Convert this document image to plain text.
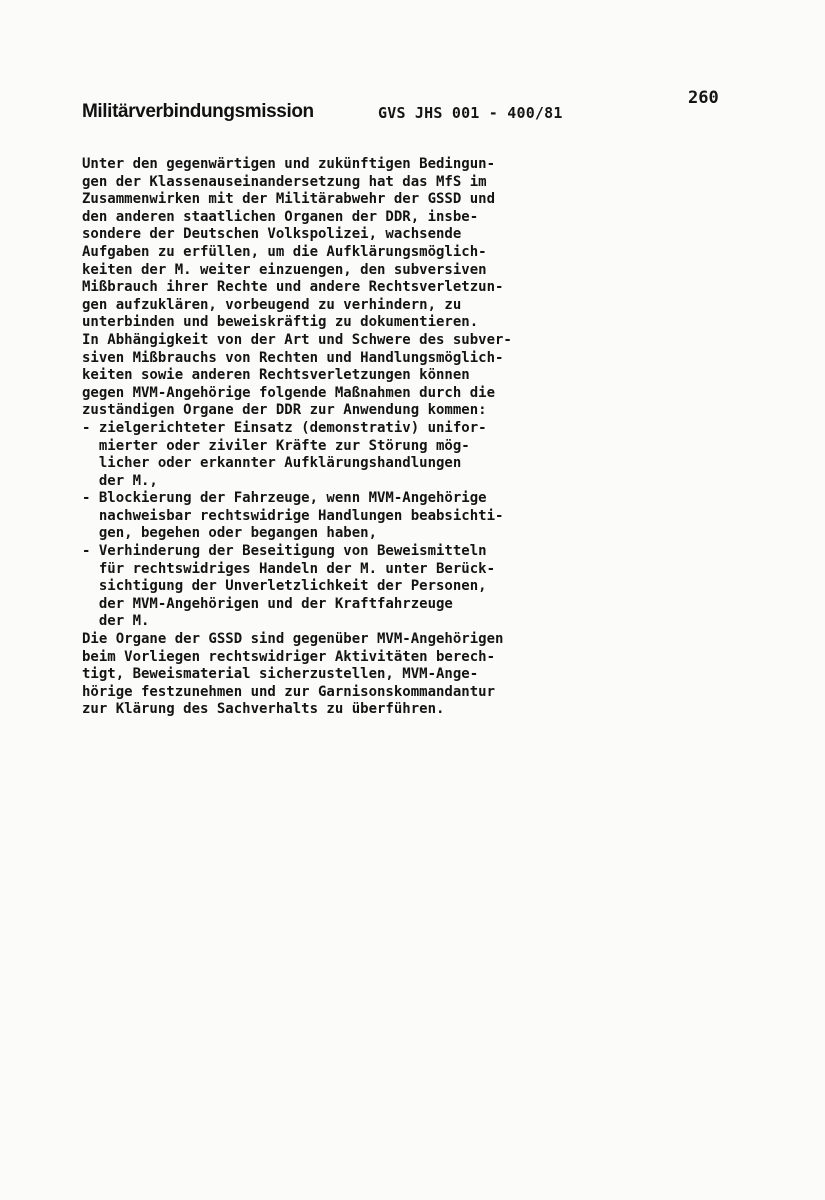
Militärverbindungsmission	GVS JHS 001 - 400/81
260
Unter den gegenwärtigen und zukünftigen Bedingun-
gen der Klassenauseinandersetzung hat das MfS im
Zusammenwirken mit der Militärabwehr der GSSD und
den anderen staatlichen Organen der DDR, insbe-
sondere der Deutschen Volkspolizei, wachsende
Aufgaben zu erfüllen, um die Aufklärungsmöglich-
keiten der M. weiter einzuengen, den subversiven
Mißbrauch ihrer Rechte und andere Rechtsverletzun-
gen aufzuklären, vorbeugend zu verhindern, zu
unterbinden und beweiskräftig zu dokumentieren.
In Abhängigkeit von der Art und Schwere des subver-
siven Mißbrauchs von Rechten und Handlungsmöglich-
keiten sowie anderen Rechtsverletzungen können
gegen MVM-Angehörige folgende Maßnahmen durch die
zuständigen Organe der DDR zur Anwendung kommen:
- zielgerichteter Einsatz (demonstrativ) unifor-
mierter oder ziviler Kräfte zur Störung mög-
licher oder erkannter Aufklärungshandlungen
der M.,
- Blockierung der Fahrzeuge, wenn MVM-Angehörige
nachweisbar rechtswidrige Handlungen beabsichti-
gen, begehen oder begangen haben,
- Verhinderung der Beseitigung von Beweismitteln
für rechtswidriges Handeln der M. unter Berück-
sichtigung der Unverletzlichkeit der Personen,
der MVM-Angehörigen und der Kraftfahrzeuge
der M.
Die Organe der GSSD sind gegenüber MVM-Angehörigen
beim Vorliegen rechtswidriger Aktivitäten berech-
tigt, Beweismaterial sicherzustellen, MVM-Ange-
hörige festzunehmen und zur Garnisonskommandantur
zur Klärung des Sachverhalts zu überführen.
